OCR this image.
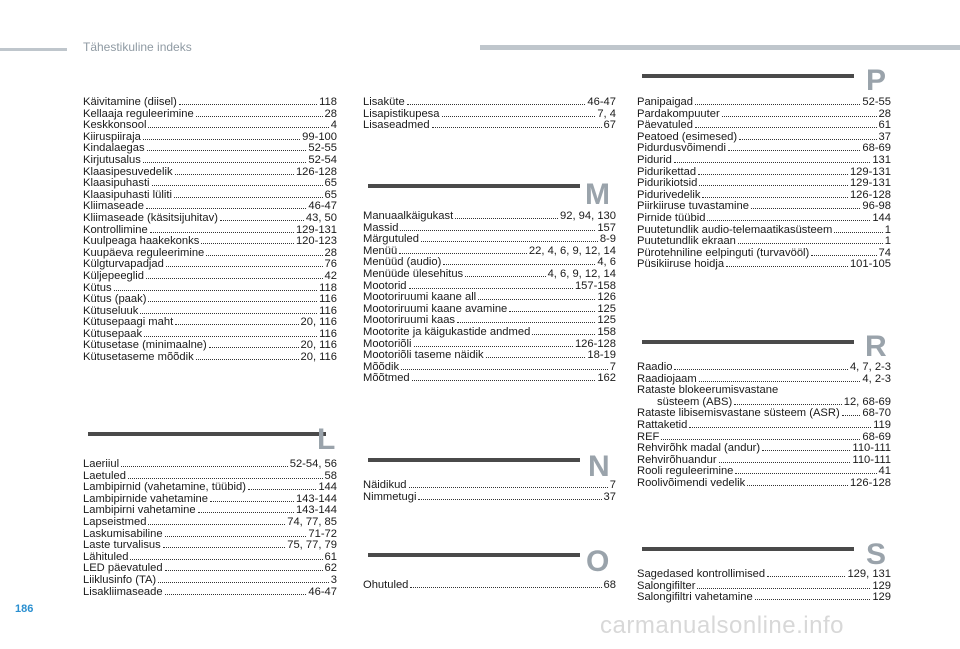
Tähestikuline indeks
Käivitamine (diisel)	118
Kellaaja reguleerimine	28
Keskkonsool	4
Kiiruspiiraja	99-100
Kindalaegas	52-55
Kirjutusalus	52-54
Klaasipesuvedelik	126-128
Klaasipuhasti	65
Klaasipuhasti lüliti	65
Kliimaseade	46-47
Kliimaseade (käsitsijuhitav)	43, 50
Kontrollimine	129-131
Kuulpeaga haakekonks	120-123
Kuupäeva reguleerimine	28
Külgturvapadjad	76
Küljepeeglid	42
Kütus	118
Kütus (paak)	116
Kütuseluuk	116
Kütusepaagi maht	20, 116
Kütusepaak	116
Kütusetase (minimaalne)	20, 116
Kütusetaseme mõõdik	20, 116
L
Laeriiul	52-54, 56
Laetuled	58
Lambipirnid (vahetamine, tüübid)	144
Lambipirnide vahetamine	143-144
Lambipirni vahetamine	143-144
Lapseistmed	74, 77, 85
Laskumisabiline	71-72
Laste turvalisus	75, 77, 79
Lähituled	61
LED päevatuled	62
Liiklusinfo (TA)	3
Lisakliimaseade	46-47
Lisaküte	46-47
Lisapistikupesa	7, 4
Lisaseadmed	67
M
Manuaalkäigukast	92, 94, 130
Massid	157
Märgutuled	8-9
Menüü	22, 4, 6, 9, 12, 14
Menüüd (audio)	4, 6
Menüüde ülesehitus	4, 6, 9, 12, 14
Mootorid	157-158
Mootoriruumi kaane all	126
Mootoriruumi kaane avamine	125
Mootoriruumi kaas	125
Mootorite ja käigukastide andmed	158
Mootoriõli	126-128
Mootoriõli taseme näidik	18-19
Mõõdik	7
Mõõtmed	162
N
Näidikud	7
Nimmetugi	37
O
Ohutuled	68
P
Panipaigad	52-55
Pardakompuuter	28
Päevatuled	61
Peatoed (esimesed)	37
Pidurdusvõimendi	68-69
Pidurid	131
Pidurikettad	129-131
Pidurikiotsid	129-131
Pidurivedelik	126-128
Piirkiiruse tuvastamine	96-98
Pirnide tüübid	144
Puutetundlik audio-telemaatikasüsteem	1
Puutetundlik ekraan	1
Pürotehniline eelpinguti (turvavööl)	74
Püsikiiruse hoidja	101-105
R
Raadio	4, 7, 2-3
Raadiojaam	4, 2-3
Rataste blokeerumisvastane
süsteem (ABS)	12, 68-69
Rataste libisemisvastane süsteem (ASR) 68-70
Rattaketid	119
REF	68-69
Rehvirõhk madal (andur)	110-111
Rehvirõhuandur	110-111
Rooli reguleerimine	41
Roolivõimendi vedelik	126-128
S
Sagedased kontrollimised	129, 131
Salongifilter	129
Salongifiltri vahetamine	129
186
carmanualsonline.info
